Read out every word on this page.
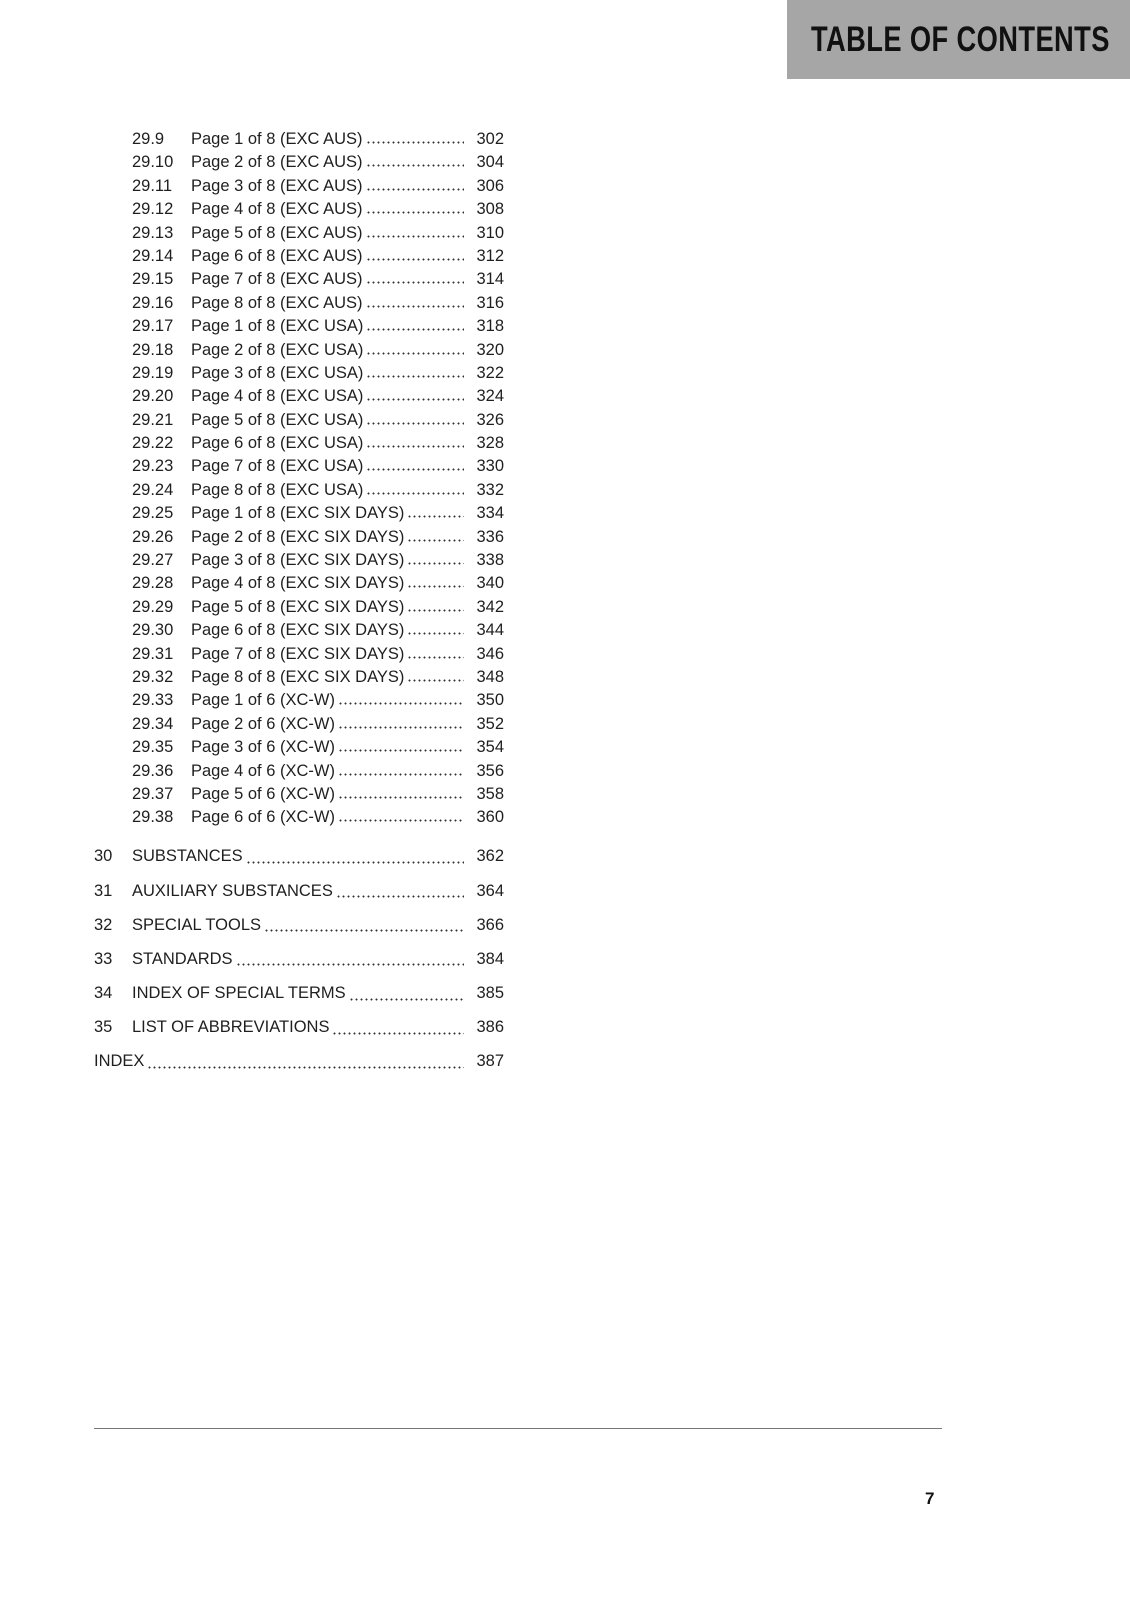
TABLE OF CONTENTS
29.9	Page 1 of 8 (EXC AUS)	302
29.10	Page 2 of 8 (EXC AUS)	304
29.11	Page 3 of 8 (EXC AUS)	306
29.12	Page 4 of 8 (EXC AUS)	308
29.13	Page 5 of 8 (EXC AUS)	310
29.14	Page 6 of 8 (EXC AUS)	312
29.15	Page 7 of 8 (EXC AUS)	314
29.16	Page 8 of 8 (EXC AUS)	316
29.17	Page 1 of 8 (EXC USA)	318
29.18	Page 2 of 8 (EXC USA)	320
29.19	Page 3 of 8 (EXC USA)	322
29.20	Page 4 of 8 (EXC USA)	324
29.21	Page 5 of 8 (EXC USA)	326
29.22	Page 6 of 8 (EXC USA)	328
29.23	Page 7 of 8 (EXC USA)	330
29.24	Page 8 of 8 (EXC USA)	332
29.25	Page 1 of 8 (EXC SIX DAYS)	334
29.26	Page 2 of 8 (EXC SIX DAYS)	336
29.27	Page 3 of 8 (EXC SIX DAYS)	338
29.28	Page 4 of 8 (EXC SIX DAYS)	340
29.29	Page 5 of 8 (EXC SIX DAYS)	342
29.30	Page 6 of 8 (EXC SIX DAYS)	344
29.31	Page 7 of 8 (EXC SIX DAYS)	346
29.32	Page 8 of 8 (EXC SIX DAYS)	348
29.33	Page 1 of 6 (XC-W)	350
29.34	Page 2 of 6 (XC-W)	352
29.35	Page 3 of 6 (XC-W)	354
29.36	Page 4 of 6 (XC-W)	356
29.37	Page 5 of 6 (XC-W)	358
29.38	Page 6 of 6 (XC-W)	360
30	SUBSTANCES	362
31	AUXILIARY SUBSTANCES	364
32	SPECIAL TOOLS	366
33	STANDARDS	384
34	INDEX OF SPECIAL TERMS	385
35	LIST OF ABBREVIATIONS	386
INDEX	387
7
